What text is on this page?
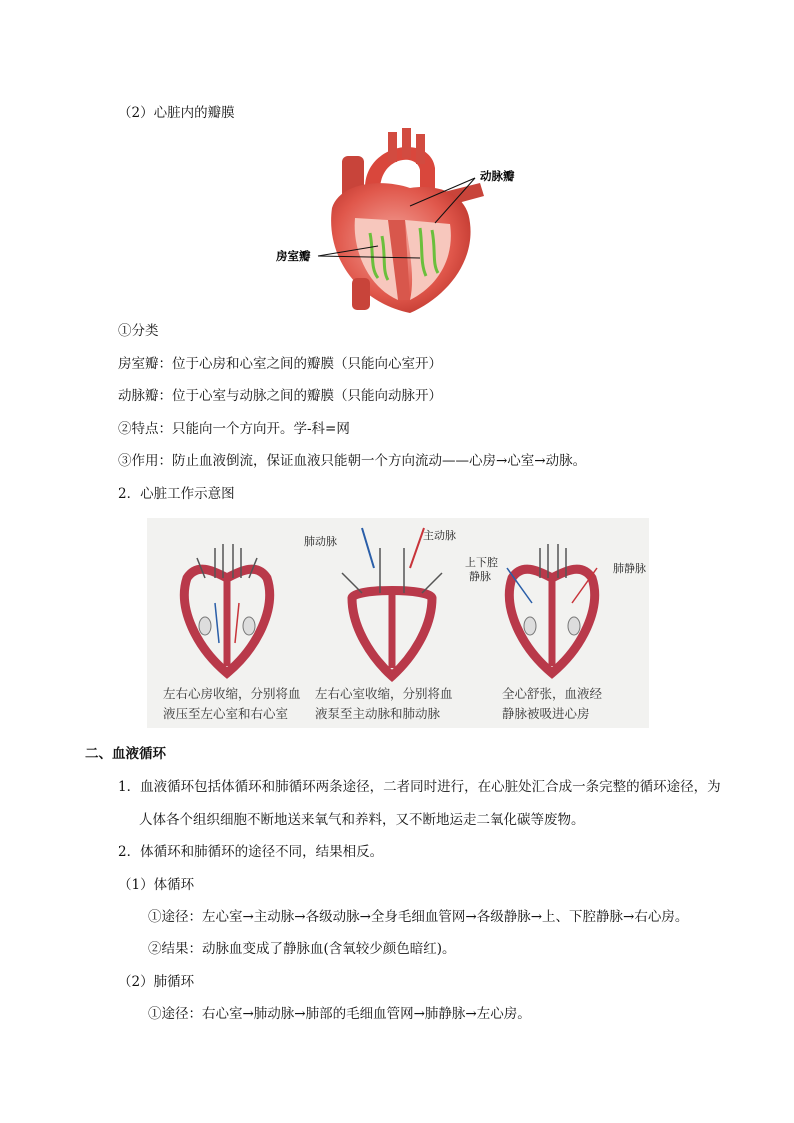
（2）心脏内的瓣膜
动脉瓣
房室瓣
①分类
房室瓣：位于心房和心室之间的瓣膜（只能向心室开）
动脉瓣：位于心室与动脉之间的瓣膜（只能向动脉开）
②特点：只能向一个方向开。学-科=网
③作用：防止血液倒流，保证血液只能朝一个方向流动——心房→心室→动脉。
2．心脏工作示意图
肺动脉	主动脉
上下腔
静脉
肺静脉
左右心房收缩，分别将血
液压至左心室和右心室
左右心室收缩，分别将血
液泵至主动脉和肺动脉
全心舒张，血液经
静脉被吸进心房
二、血液循环
1．血液循环包括体循环和肺循环两条途径，二者同时进行，在心脏处汇合成一条完整的循环途径，为
人体各个组织细胞不断地送来氧气和养料，又不断地运走二氧化碳等废物。
2．体循环和肺循环的途径不同，结果相反。
（1）体循环
①途径：左心室→主动脉→各级动脉→全身毛细血管网→各级静脉→上、下腔静脉→右心房。
②结果：动脉血变成了静脉血(含氧较少颜色暗红)。
（2）肺循环
①途径：右心室→肺动脉→肺部的毛细血管网→肺静脉→左心房。
